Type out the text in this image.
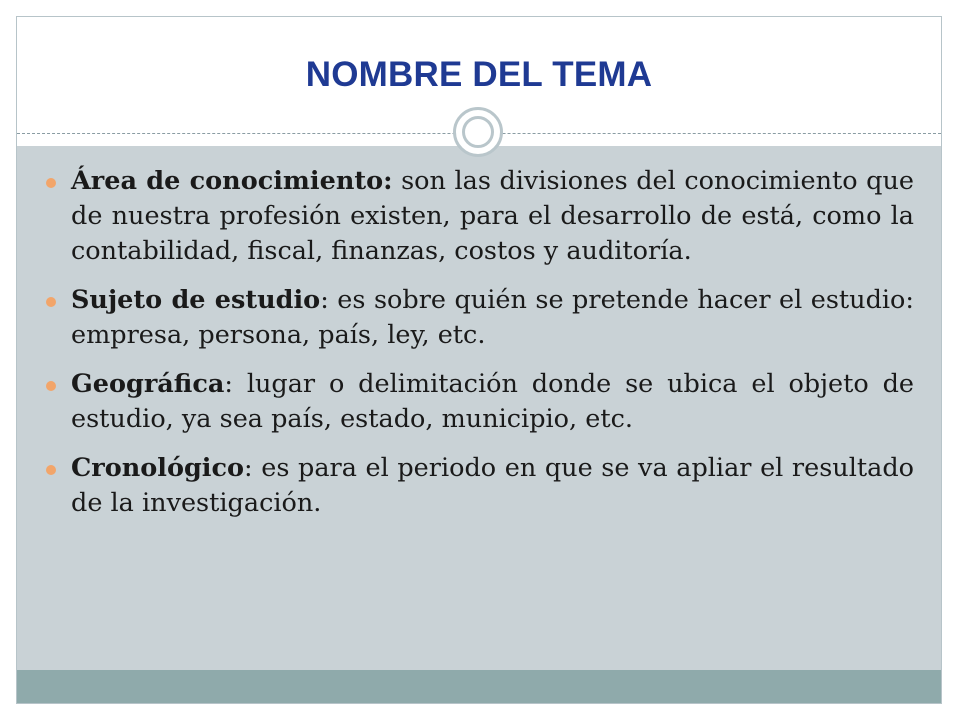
NOMBRE DEL TEMA
Área de conocimiento: son las divisiones del conocimiento que de nuestra profesión existen, para el desarrollo de está, como la contabilidad, fiscal, finanzas, costos y auditoría.
Sujeto de estudio: es sobre quién se pretende hacer el estudio: empresa, persona, país, ley, etc.
Geográfica: lugar o delimitación donde se ubica el objeto de estudio, ya sea país, estado, municipio, etc.
Cronológico: es para el periodo en que se va apliar el resultado de la investigación.
